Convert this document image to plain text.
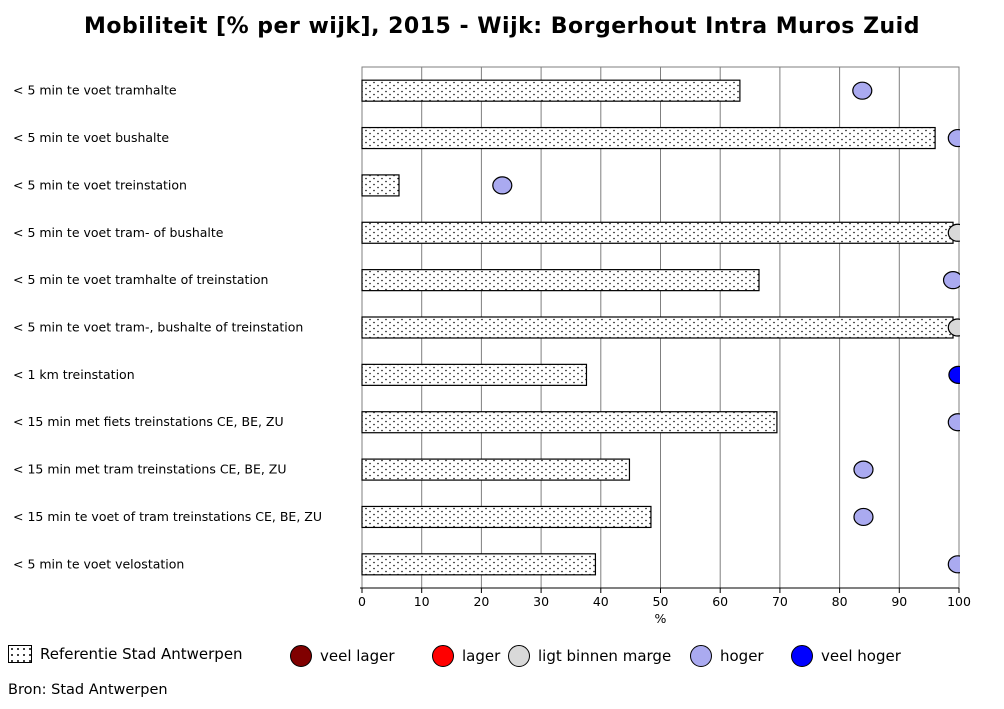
Mobiliteit [% per wijk], 2015 - Wijk: Borgerhout Intra Muros Zuid
< 5 min te voet tramhalte
< 5 min te voet bushalte
< 5 min te voet treinstation
< 5 min te voet tram- of bushalte
< 5 min te voet tramhalte of treinstation
< 5 min te voet tram-, bushalte of treinstation
< 1 km treinstation
< 15 min met fiets treinstations CE, BE, ZU
< 15 min met tram treinstations CE, BE, ZU
< 15 min te voet of tram treinstations CE, BE, ZU
< 5 min te voet velostation
0	10	20	30	40	50	60	70	80	90	100
%
Referentie Stad Antwerpen	veel lager	lager	ligt binnen marge	hoger	veel hoger
Bron: Stad Antwerpen
